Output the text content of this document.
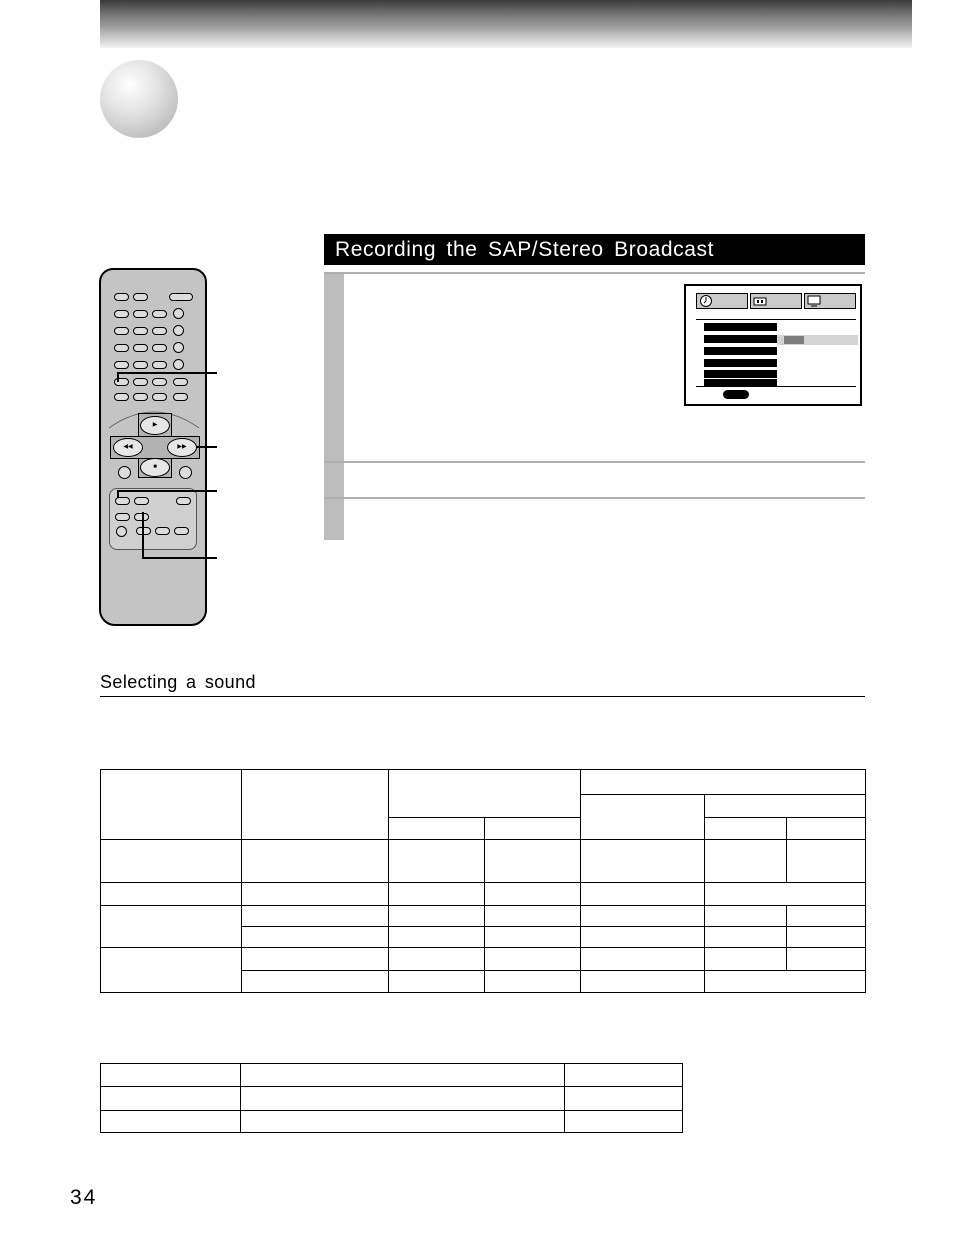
Recording the SAP/Stereo Broadcast
▶
◀◀	▶▶
■
Selecting a sound

34
